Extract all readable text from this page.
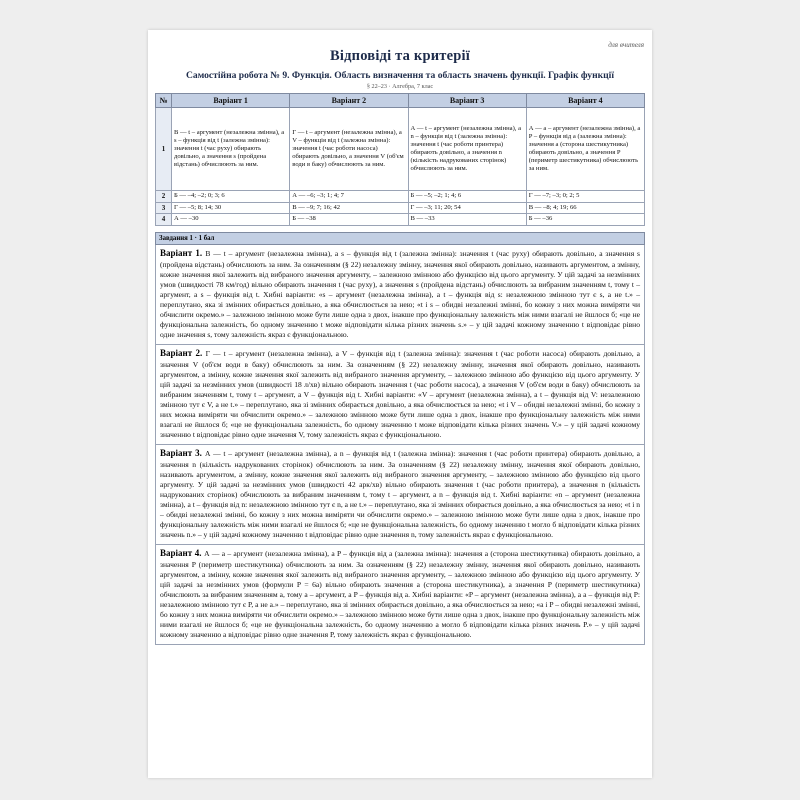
для вчителя
Відповіді та критерії
Самостійна робота № 9. Функція. Область визначення та область значень функції. Графік функції
§ 22–23 · Алгебра, 7 клас
№	Варіант 1	Варіант 2	Варіант 3	Варіант 4
1	В — t – аргумент (незалежна змінна), a s – функція від t (залежна змінна): значення t (час руху) обирають довільно, а значення s (пройдена відстань) обчислюють за ним.	Г — t – аргумент (незалежна змінна), a V – функція від t (залежна змінна): значення t (час роботи насоса) обирають довільно, а значення V (об'єм води в баку) обчислюють за ним.	А — t – аргумент (незалежна змінна), a n – функція від t (залежна змінна): значення t (час роботи принтера) обирають довільно, а значення n (кількість надрукованих сторінок) обчислюють за ним.	А — a – аргумент (незалежна змінна), a P – функція від a (залежна змінна): значення a (сторона шестикутника) обирають довільно, а значення P (периметр шестикутника) обчислюють за ним.
2	Б — –4; –2; 0; 3; 6	А — –6; –3; 1; 4; 7	Б — –5; –2; 1; 4; 6	Г — –7; –3; 0; 2; 5
3	Г — –5; 8; 14; 30	В — –9; 7; 16; 42	Г — –3; 11; 20; 54	В — –8; 4; 19; 66
4	А — –30	Б — –38	В — –33	Б — –36
Завдання 1 · 1 бал
Варіант 1. В — t – аргумент (незалежна змінна), a s – функція від t (залежна змінна): значення t (час руху) обирають довільно, а значення s (пройдена відстань) обчислюють за ним. За означенням (§ 22) незалежну змінну, значення якої обирають довільно, називають аргументом, а змінну, кожне значення якої залежить від вибраного значення аргументу, – залежною змінною або функцією від цього аргументу. У цій задачі за незмінних умов (швидкості 78 км/год) вільно обирають значення t (час руху), а значення s (пройдена відстань) обчислюють за вибраним значенням t, тому t – аргумент, a s – функція від t. Хибні варіанти: «s – аргумент (незалежна змінна), a t – функція від s: незалежною змінною тут є s, а не t.» – переплутано, яка зі змінних обирається довільно, а яка обчислюється за нею; «t i s – обидві незалежні змінні, бо кожну з них можна виміряти чи обчислити окремо.» – залежною змінною може бути лише одна з двох, інакше про функціональну залежність між ними взагалі не йшлося б; «це не функціональна залежність, бо одному значенню t може відповідати кілька різних значень s.» – у цій задачі кожному значенню t відповідає рівно одне значення s, тому залежність якраз є функціональною.
Варіант 2. Г — t – аргумент (незалежна змінна), a V – функція від t (залежна змінна): значення t (час роботи насоса) обирають довільно, а значення V (об'єм води в баку) обчислюють за ним. За означенням (§ 22) незалежну змінну, значення якої обирають довільно, називають аргументом, а змінну, кожне значення якої залежить від вибраного значення аргументу, – залежною змінною або функцією від цього аргументу. У цій задачі за незмінних умов (швидкості 18 л/хв) вільно обирають значення t (час роботи насоса), а значення V (об'єм води в баку) обчислюють за вибраним значенням t, тому t – аргумент, a V – функція від t. Хибні варіанти: «V – аргумент (незалежна змінна), a t – функція від V: незалежною змінною тут є V, а не t.» – переплутано, яка зі змінних обирається довільно, а яка обчислюється за нею; «t i V – обидві незалежні змінні, бо кожну з них можна виміряти чи обчислити окремо.» – залежною змінною може бути лише одна з двох, інакше про функціональну залежність між ними взагалі не йшлося б; «це не функціональна залежність, бо одному значенню t може відповідати кілька різних значень V.» – у цій задачі кожному значенню t відповідає рівно одне значення V, тому залежність якраз є функціональною.
Варіант 3. А — t – аргумент (незалежна змінна), a n – функція від t (залежна змінна): значення t (час роботи принтера) обирають довільно, а значення n (кількість надрукованих сторінок) обчислюють за ним. За означенням (§ 22) незалежну змінну, значення якої обирають довільно, називають аргументом, а змінну, кожне значення якої залежить від вибраного значення аргументу, – залежною змінною або функцією від цього аргументу. У цій задачі за незмінних умов (швидкості 42 арк/хв) вільно обирають значення t (час роботи принтера), а значення n (кількість надрукованих сторінок) обчислюють за вибраним значенням t, тому t – аргумент, a n – функція від t. Хибні варіанти: «n – аргумент (незалежна змінна), a t – функція від n: незалежною змінною тут є n, а не t.» – переплутано, яка зі змінних обирається довільно, а яка обчислюється за нею; «t i n – обидві незалежні змінні, бо кожну з них можна виміряти чи обчислити окремо.» – залежною змінною може бути лише одна з двох, інакше про функціональну залежність між ними взагалі не йшлося б; «це не функціональна залежність, бо одному значенню t могло б відповідати кілька різних значень n.» – у цій задачі кожному значенню t відповідає рівно одне значення n, тому залежність якраз є функціональною.
Варіант 4. А — a – аргумент (незалежна змінна), a P – функція від a (залежна змінна): значення a (сторона шестикутника) обирають довільно, а значення P (периметр шестикутника) обчислюють за ним. За означенням (§ 22) незалежну змінну, значення якої обирають довільно, називають аргументом, а змінну, кожне значення якої залежить від вибраного значення аргументу, – залежною змінною або функцією від цього аргументу. У цій задачі за незмінних умов (формули P = 6a) вільно обирають значення a (сторона шестикутника), а значення P (периметр шестикутника) обчислюють за вибраним значенням a, тому a – аргумент, a P – функція від a. Хибні варіанти: «P – аргумент (незалежна змінна), a a – функція від P: незалежною змінною тут є P, а не a.» – переплутано, яка зі змінних обирається довільно, а яка обчислюється за нею; «a i P – обидві незалежні змінні, бо кожну з них можна виміряти чи обчислити окремо.» – залежною змінною може бути лише одна з двох, інакше про функціональну залежність між ними взагалі не йшлося б; «це не функціональна залежність, бо одному значенню a могло б відповідати кілька різних значень P.» – у цій задачі кожному значенню a відповідає рівно одне значення P, тому залежність якраз є функціональною.
